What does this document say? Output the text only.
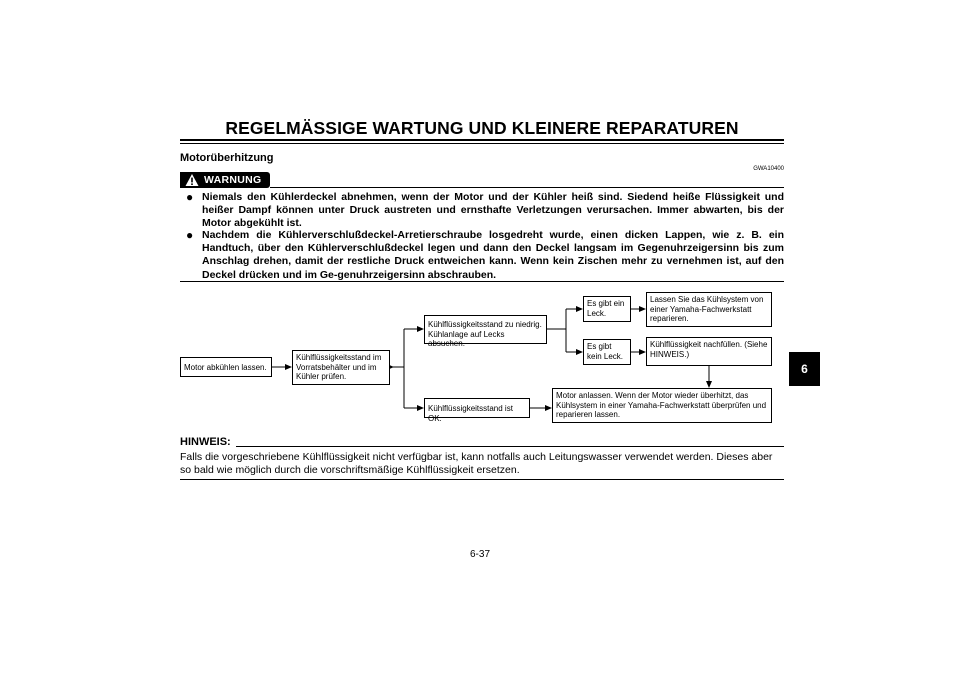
REGELMÄSSIGE WARTUNG UND KLEINERE REPARATUREN
Motorüberhitzung
GWA10400
WARNUNG
● Niemals den Kühlerdeckel abnehmen, wenn der Motor und der Kühler heiß sind. Siedend heiße Flüssigkeit und heißer Dampf können unter Druck austreten und ernsthafte Verletzungen verursachen. Immer abwarten, bis der Motor abgekühlt ist.
● Nachdem die Kühlerverschlußdeckel-Arretierschraube losgedreht wurde, einen dicken Lappen, wie z. B. ein Handtuch, über den Kühlerverschlußdeckel legen und dann den Deckel langsam im Gegenuhrzeigersinn bis zum Anschlag drehen, damit der restliche Druck entweichen kann. Wenn kein Zischen mehr zu vernehmen ist, auf den Deckel drücken und im Ge-genuhrzeigersinn abschrauben.
Motor abkühlen lassen.
Kühlflüssigkeitsstand im Vorratsbehälter und im Kühler prüfen.
Kühlflüssigkeitsstand zu niedrig. Kühlanlage auf Lecks absuchen.
Kühlflüssigkeitsstand ist OK.
Es gibt ein Leck.
Es gibt kein Leck.
Lassen Sie das Kühlsystem von einer Yamaha-Fachwerkstatt reparieren.
Kühlflüssigkeit nachfüllen. (Siehe HINWEIS.)
Motor anlassen. Wenn der Motor wieder überhitzt, das Kühlsystem in einer Yamaha-Fachwerkstatt überprüfen und reparieren lassen.
HINWEIS:
Falls die vorgeschriebene Kühlflüssigkeit nicht verfügbar ist, kann notfalls auch Leitungswasser verwendet werden. Dieses aber so bald wie möglich durch die vorschriftsmäßige Kühlflüssigkeit ersetzen.
6-37
6
